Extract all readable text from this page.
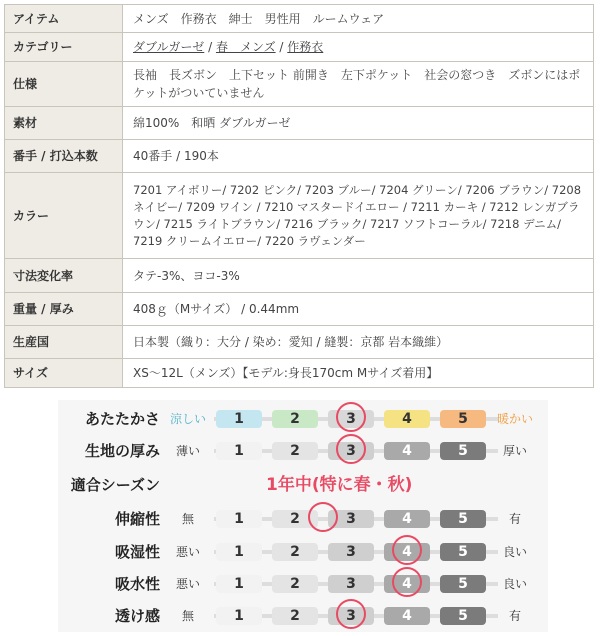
アイテム	メンズ　作務衣　紳士　男性用　ルームウェア
カテゴリー	ダブルガーゼ / 春　メンズ / 作務衣
仕様	長袖　長ズボン　上下セット 前開き　左下ポケット　社会の窓つき　ズボンにはポケットがついていません
素材	綿100%　和晒 ダブルガーゼ
番手 / 打込本数	40番手 / 190本
カラー	7201 アイボリー/ 7202 ピンク/ 7203 ブルー/ 7204 グリーン/ 7206 ブラウン/ 7208 ネイビー/ 7209 ワイン / 7210 マスタードイエロー / 7211 カーキ / 7212 レンガブラウン/ 7215 ライトブラウン/ 7216 ブラック/ 7217 ソフトコーラル/ 7218 デニム/ 7219 クリームイエロー/ 7220 ラヴェンダー
寸法変化率	タテ-3%、ヨコ-3%
重量 / 厚み	408ｇ（Mサイズ） / 0.44mm
生産国	日本製（織り：大分 / 染め：愛知 / 縫製：京都 岩本織維）
サイズ	XS～12L（メンズ）【モデル:身長170cm Mサイズ着用】
あたたかさ 涼しい	1	2	3	4	5	暖かい
生地の厚み	薄い	1	2	3	4	5	厚い
適合シーズン	1年中(特に春・秋)
伸縮性	無	1	2	3	4	5	有
吸湿性	悪い	1	2	3	4	5	良い
吸水性	悪い	1	2	3	4	5	良い
透け感	無	1	2	3	4	5	有
